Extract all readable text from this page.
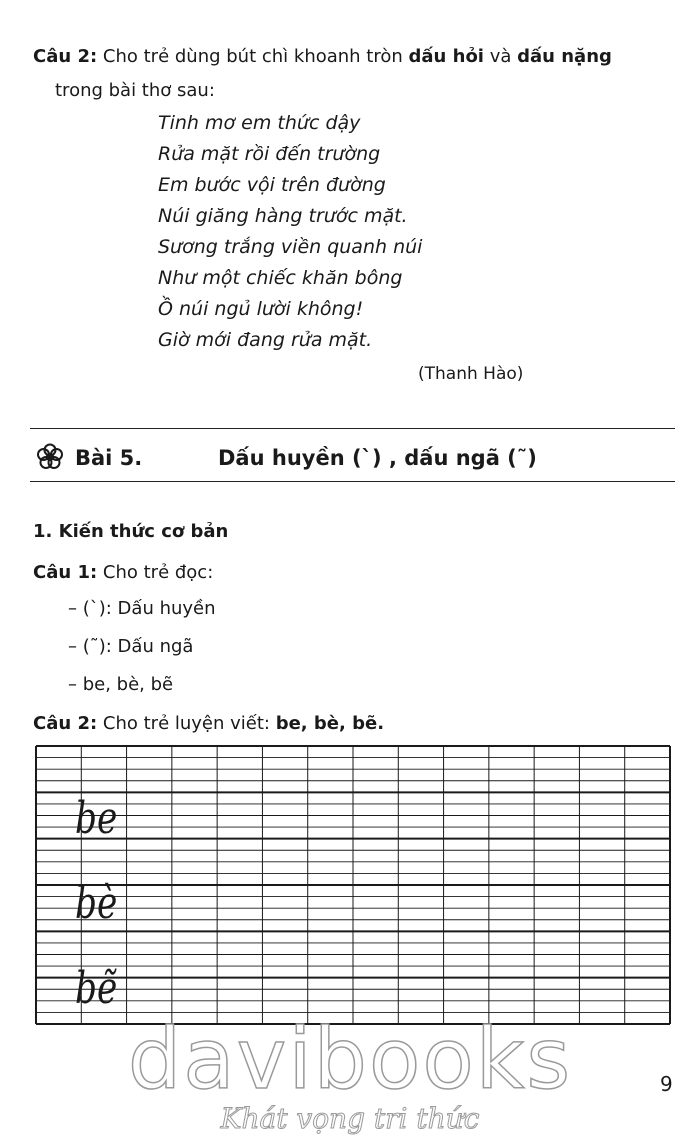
Câu 2: Cho trẻ dùng bút chì khoanh tròn dấu hỏi và dấu nặng
trong bài thơ sau:
Tinh mơ em thức dậy
Rửa mặt rồi đến trường
Em bước vội trên đường
Núi giăng hàng trước mặt.
Sương trắng viền quanh núi
Như một chiếc khăn bông
Ồ núi ngủ lười không!
Giờ mới đang rửa mặt.
(Thanh Hào)
Bài 5.	Dấu huyền (`) , dấu ngã (˜)
1. Kiến thức cơ bản
Câu 1: Cho trẻ đọc:
– (`): Dấu huyền
– (˜): Dấu ngã
– be, bè, bẽ
Câu 2: Cho trẻ luyện viết: be, bè, bẽ.
be
bè
bẽ
davibooks
Khát vọng tri thức
9
